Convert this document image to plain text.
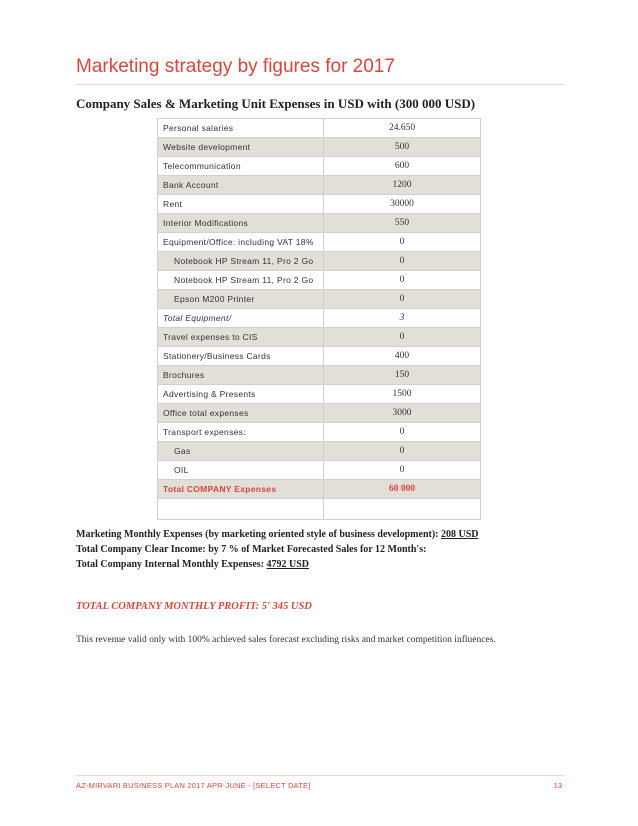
Marketing strategy by figures for 2017
Company Sales & Marketing Unit Expenses in USD with (300 000 USD)
Personal salaries	24.650
Website development	500
Telecommunication	600
Bank Account	1200
Rent	30000
Interior Modifications	550
Equipment/Office: including VAT 18%	0
Notebook HP Stream 11, Pro 2 Go	0
Notebook HP Stream 11, Pro 2 Go	0
Epson M200 Printer	0
Total Equipment/	3
Travel expenses to CIS	0
Stationery/Business Cards	400
Brochures	150
Advertising & Presents	1500
Office total expenses	3000
Transport expenses:	0
Gas	0
OIL	0
Total COMPANY Expenses	60 000

Marketing Monthly Expenses (by marketing oriented style of business development): 208 USD
Total Company Clear Income: by 7 % of Market Forecasted Sales for 12 Month's:
Total Company Internal Monthly Expenses: 4792 USD
TOTAL COMPANY MONTHLY PROFIT: 5' 345 USD
This revenue valid only with 100% achieved sales forecast excluding risks and market competition influences.
AZ-MIRVARI BUSINESS PLAN 2017 APR-JUNE - [SELECT DATE]	13
